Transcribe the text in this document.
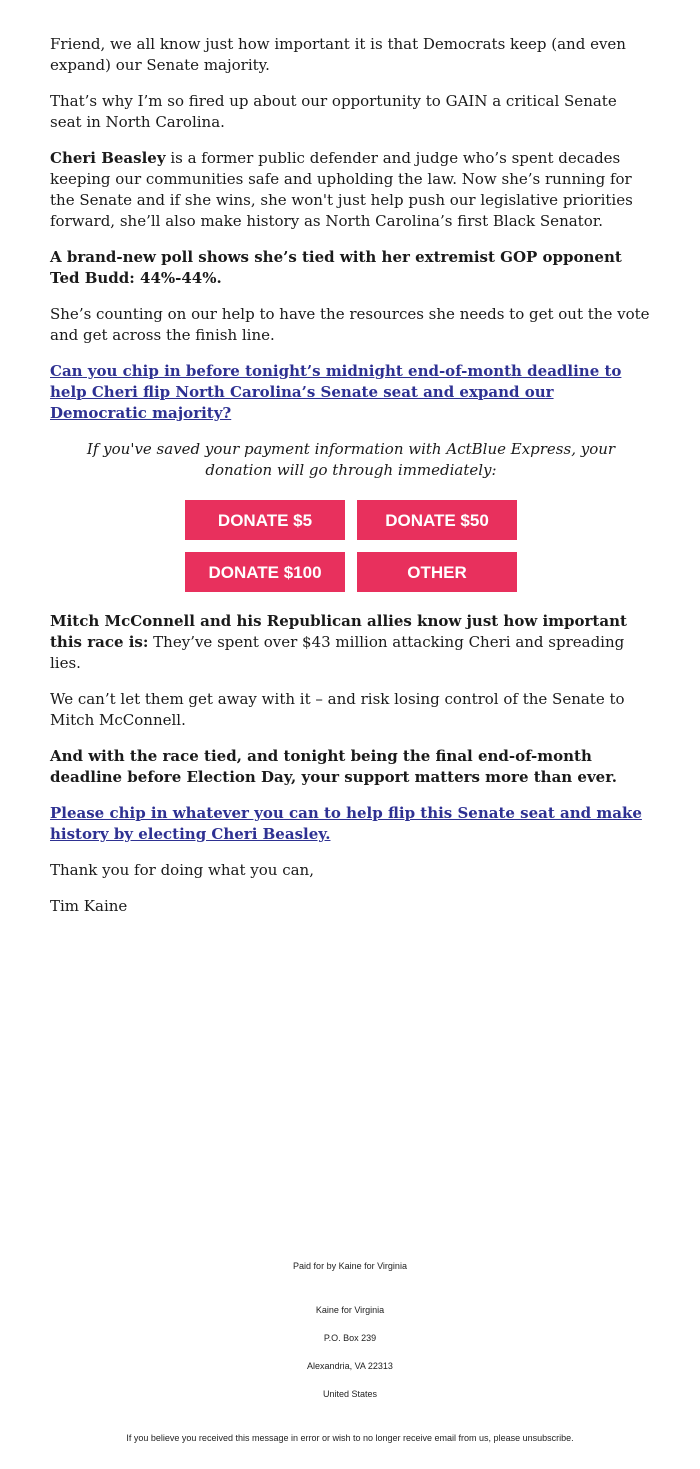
Friend, we all know just how important it is that Democrats keep (and even expand) our Senate majority.

That’s why I’m so fired up about our opportunity to GAIN a critical Senate seat in North Carolina.

Cheri Beasley is a former public defender and judge who’s spent decades keeping our communities safe and upholding the law. Now she’s running for the Senate and if she wins, she won't just help push our legislative priorities forward, she’ll also make history as North Carolina’s first Black Senator.

A brand-new poll shows she’s tied with her extremist GOP opponent Ted Budd: 44%-44%.

She’s counting on our help to have the resources she needs to get out the vote and get across the finish line.

Can you chip in before tonight’s midnight end-of-month deadline to help Cheri flip North Carolina’s Senate seat and expand our Democratic majority?

If you've saved your payment information with ActBlue Express, your donation will go through immediately:

DONATE $5	DONATE $50
DONATE $100	OTHER

Mitch McConnell and his Republican allies know just how important this race is: They’ve spent over $43 million attacking Cheri and spreading lies.

We can’t let them get away with it – and risk losing control of the Senate to Mitch McConnell.

And with the race tied, and tonight being the final end-of-month deadline before Election Day, your support matters more than ever.

Please chip in whatever you can to help flip this Senate seat and make history by electing Cheri Beasley.

Thank you for doing what you can,

Tim Kaine

Paid for by Kaine for Virginia
Kaine for Virginia
P.O. Box 239
Alexandria, VA 22313
United States
If you believe you received this message in error or wish to no longer receive email from us, please unsubscribe.
